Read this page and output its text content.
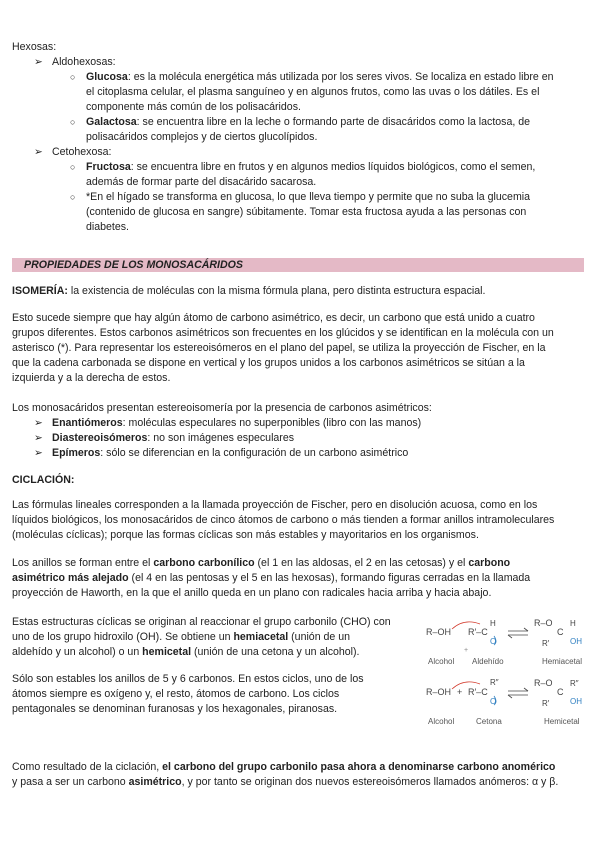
Hexosas:

➢ Aldohexosas:

○ Glucosa: es la molécula energética más utilizada por los seres vivos. Se localiza en estado libre en

el citoplasma celular, el plasma sanguíneo y en algunos frutos, como las uvas o los dátiles. Es el

componente más común de los polisacáridos.

○ Galactosa: se encuentra libre en la leche o formando parte de disacáridos como la lactosa, de

polisacáridos complejos y de ciertos glucolípidos.

➢ Cetohexosa:

○ Fructosa: se encuentra libre en frutos y en algunos medios líquidos biológicos, como el semen,

además de formar parte del disacárido sacarosa.

○ *En el hígado se transforma en glucosa, lo que lleva tiempo y permite que no suba la glucemia

(contenido de glucosa en sangre) súbitamente. Tomar esta fructosa ayuda a las personas con

diabetes.

PROPIEDADES DE LOS MONOSACÁRIDOS

ISOMERÍA: la existencia de moléculas con la misma fórmula plana, pero distinta estructura espacial.

Esto sucede siempre que hay algún átomo de carbono asimétrico, es decir, un carbono que está unido a cuatro

grupos diferentes. Estos carbonos asimétricos son frecuentes en los glúcidos y se identifican en la molécula con un

asterisco (*). Para representar los estereoisómeros en el plano del papel, se utiliza la proyección de Fischer, en la

que la cadena carbonada se dispone en vertical y los grupos unidos a los carbonos asimétricos se sitúan a la

izquierda y a la derecha de estos.

Los monosacáridos presentan estereoisomería por la presencia de carbonos asimétricos:

➢ Enantiómeros: moléculas especulares no superponibles (libro con las manos)

➢ Diastereoisómeros: no son imágenes especulares

➢ Epímeros: sólo se diferencian en la configuración de un carbono asimétrico

CICLACIÓN:

Las fórmulas lineales corresponden a la llamada proyección de Fischer, pero en disolución acuosa, como en los

líquidos biológicos, los monosacáridos de cinco átomos de carbono o más tienden a formar anillos intramoleculares

(moléculas cíclicas); porque las formas cíclicas son más estables y mayoritarios en los organismos.

Los anillos se forman entre el carbono carbonílico (el 1 en las aldosas, el 2 en las cetosas) y el carbono

asimétrico más alejado (el 4 en las pentosas y el 5 en las hexosas), formando figuras cerradas en la llamada

proyección de Haworth, en la que el anillo queda en un plano con radicales hacia arriba y hacia abajo.

Estas estructuras cíclicas se originan al reaccionar el grupo carbonilo (CHO) con

uno de los grupo hidroxilo (OH). Se obtiene un hemiacetal (unión de un

aldehído y un alcohol) o un hemicetal (unión de una cetona y un alcohol).

Sólo son estables los anillos de 5 y 6 carbonos. En estos ciclos, uno de los

átomos siempre es oxígeno y, el resto, átomos de carbono. Los ciclos

pentagonales se denominan furanosas y los hexagonales, piranosas.

Como resultado de la ciclación, el carbono del grupo carbonilo pasa ahora a denominarse carbono anomérico

y pasa a ser un carbono asimétrico, y por tanto se originan dos nuevos estereoisómeros llamados anómeros: α y β.

R–OH R′–C
H
O
+
R–O
C
H
R′	OH
Alcohol Aldehído	Hemiacetal
R–OH + R′–C
R″
O
R–O
C
R″
R′	OH
Alcohol	Cetona	Hemicetal
